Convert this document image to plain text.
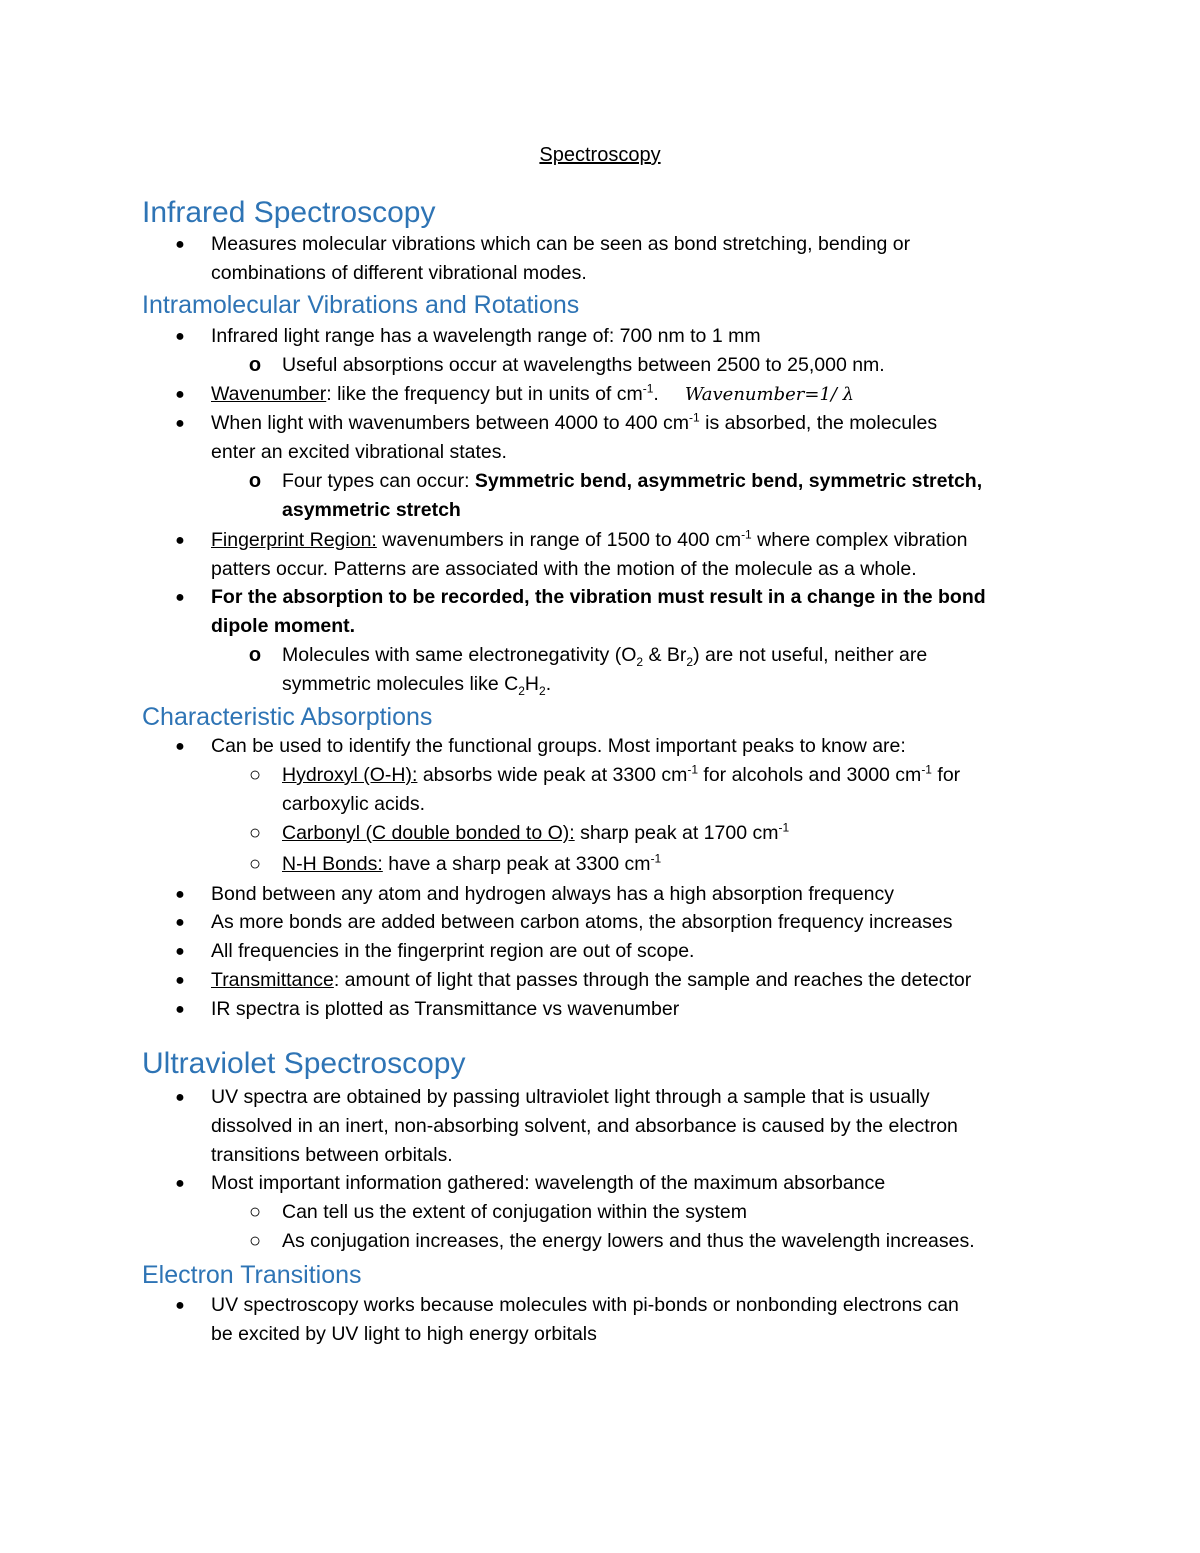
Spectroscopy
Infrared Spectroscopy
● Measures molecular vibrations which can be seen as bond stretching, bending or
combinations of different vibrational modes.
Intramolecular Vibrations and Rotations
● Infrared light range has a wavelength range of: 700 nm to 1 mm
o Useful absorptions occur at wavelengths between 2500 to 25,000 nm.
● Wavenumber: like the frequency but in units of $cm^{-1}$. Wavenumber=1/ λ
● When light with wavenumbers between 4000 to 400 $cm^{-1}$ is absorbed, the molecules
enter an excited vibrational states.
o Four types can occur: Symmetric bend, asymmetric bend, symmetric stretch,
asymmetric stretch
● Fingerprint Region: wavenumbers in range of 1500 to 400 $cm^{-1}$ where complex vibration
patters occur. Patterns are associated with the motion of the molecule as a whole.
● For the absorption to be recorded, the vibration must result in a change in the bond
dipole moment.
o Molecules with same electronegativity ($O_2$ & $Br_2$) are not useful, neither are
symmetric molecules like $C_2H_2$.
Characteristic Absorptions
● Can be used to identify the functional groups. Most important peaks to know are:
○ Hydroxyl (O-H): absorbs wide peak at 3300 $cm^{-1}$ for alcohols and 3000 $cm^{-1}$ for
carboxylic acids.
○ Carbonyl (C double bonded to O): sharp peak at 1700 $cm^{-1}$
○ N-H Bonds: have a sharp peak at 3300 $cm^{-1}$
● Bond between any atom and hydrogen always has a high absorption frequency
● As more bonds are added between carbon atoms, the absorption frequency increases
● All frequencies in the fingerprint region are out of scope.
● Transmittance: amount of light that passes through the sample and reaches the detector
● IR spectra is plotted as Transmittance vs wavenumber
Ultraviolet Spectroscopy
● UV spectra are obtained by passing ultraviolet light through a sample that is usually
dissolved in an inert, non-absorbing solvent, and absorbance is caused by the electron
transitions between orbitals.
● Most important information gathered: wavelength of the maximum absorbance
○ Can tell us the extent of conjugation within the system
○ As conjugation increases, the energy lowers and thus the wavelength increases.
Electron Transitions
● UV spectroscopy works because molecules with pi-bonds or nonbonding electrons can
be excited by UV light to high energy orbitals
